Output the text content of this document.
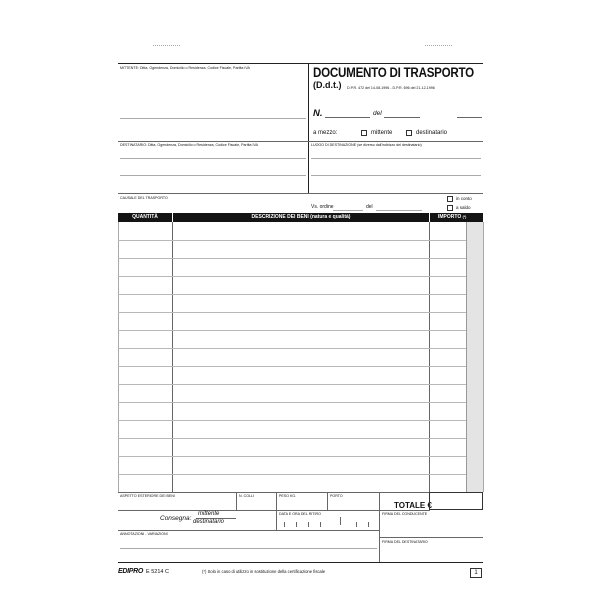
MITTENTE: Ditta, Ogendenza, Domicilio o Residenza, Codice Fiscale, Partita IVA	DOCUMENTO DI TRASPORTO
(D.d.t.) D.P.R. 472 del 14-08-1996 - D.P.R. 696 del 21-12-1996
N.	del
a mezzo:	mittente	destinatario
DESTINATARIO: Ditta, Ogendenza, Domicilio o Residenza, Codice Fiscale, Partita IVA	LUOGO DI DESTINAZIONE (se diverso dall'indirizzo del destinatario)
CAUSALE DEL TRASPORTO
Vs. ordine	del
in conto
a saldo
QUANTITÀ	DESCRIZIONE DEI BENI (natura e qualità)	IMPORTO (*)
ASPETTO ESTERIORE DEI BENI	N. COLLI	PESO KG.	PORTO
TOTALE €
Consegna:
mittente
destinatario
DATA E ORA DEL RITIRO	FIRMA DEL CONDUCENTE
ANNOTAZIONI - VARIAZIONI
FIRMA DEL DESTINATARIO
EDIPRO E 5214 C	(*) Solo in caso di utilizzo in sostituzione della certificazione fiscale	1
